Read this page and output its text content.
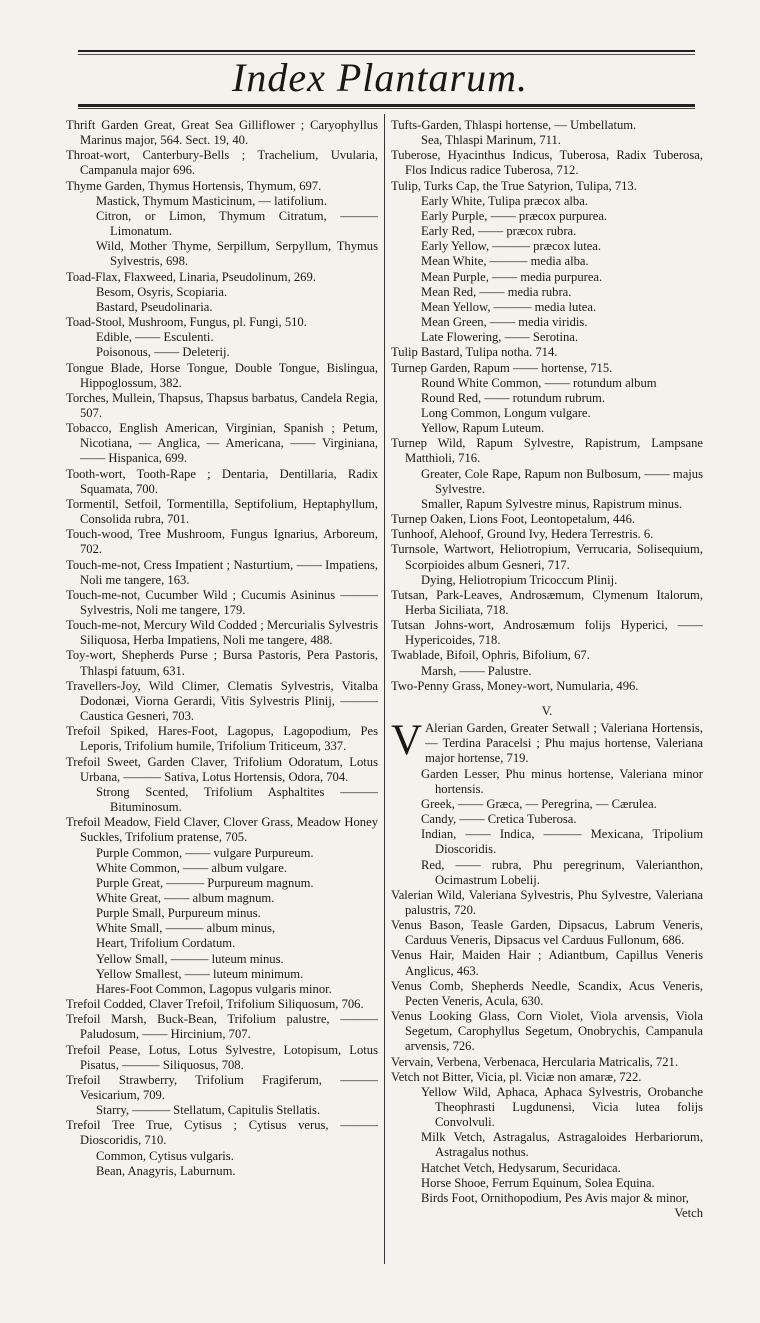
Index Plantarum.

Thrift Garden Great, Great Sea Gilliflower ; Caryophyllus Marinus major, 564. Sect. 19, 40.

Throat-wort, Canterbury-Bells ; Trachelium, Uvularia, Campanula major 696.

Thyme Garden, Thymus Hortensis, Thymum, 697.

Mastick, Thymum Masticinum, — latifolium.

Citron, or Limon, Thymum Citratum, ——— Limonatum.

Wild, Mother Thyme, Serpillum, Serpyllum, Thymus Sylvestris, 698.

Toad-Flax, Flaxweed, Linaria, Pseudolinum, 269.

Besom, Osyris, Scopiaria.

Bastard, Pseudolinaria.

Toad-Stool, Mushroom, Fungus, pl. Fungi, 510.

Edible, —— Esculenti.

Poisonous, —— Deleterij.

Tongue Blade, Horse Tongue, Double Tongue, Bislingua, Hippoglossum, 382.

Torches, Mullein, Thapsus, Thapsus barbatus, Candela Regia, 507.

Tobacco, English American, Virginian, Spanish ; Petum, Nicotiana, — Anglica, — Americana, —— Virginiana, —— Hispanica, 699.

Tooth-wort, Tooth-Rape ; Dentaria, Dentillaria, Radix Squamata, 700.

Tormentil, Setfoil, Tormentilla, Septifolium, Heptaphyllum, Consolida rubra, 701.

Touch-wood, Tree Mushroom, Fungus Ignarius, Arboreum, 702.

Touch-me-not, Cress Impatient ; Nasturtium, —— Impatiens, Noli me tangere, 163.

Touch-me-not, Cucumber Wild ; Cucumis Asininus ——— Sylvestris, Noli me tangere, 179.

Touch-me-not, Mercury Wild Codded ; Mercurialis Sylvestris Siliquosa, Herba Impatiens, Noli me tangere, 488.

Toy-wort, Shepherds Purse ; Bursa Pastoris, Pera Pastoris, Thlaspi fatuum, 631.

Travellers-Joy, Wild Climer, Clematis Sylvestris, Vitalba Dodonæi, Viorna Gerardi, Vitis Sylvestris Plinij, ——— Caustica Gesneri, 703.

Trefoil Spiked, Hares-Foot, Lagopus, Lagopodium, Pes Leporis, Trifolium humile, Trifolium Triticeum, 337.

Trefoil Sweet, Garden Claver, Trifolium Odoratum, Lotus Urbana, ——— Sativa, Lotus Hortensis, Odora, 704.

Strong Scented, Trifolium Asphaltites ——— Bituminosum.

Trefoil Meadow, Field Claver, Clover Grass, Meadow Honey Suckles, Trifolium pratense, 705.

Purple Common, —— vulgare Purpureum.

White Common, —— album vulgare.

Purple Great, ——— Purpureum magnum.

White Great, —— album magnum.

Purple Small, Purpureum minus.

White Small, ——— album minus,

Heart, Trifolium Cordatum.

Yellow Small, ——— luteum minus.

Yellow Smallest, —— luteum minimum.

Hares-Foot Common, Lagopus vulgaris minor.

Trefoil Codded, Claver Trefoil, Trifolium Siliquosum, 706.

Trefoil Marsh, Buck-Bean, Trifolium palustre, ——— Paludosum, —— Hircinium, 707.

Trefoil Pease, Lotus, Lotus Sylvestre, Lotopisum, Lotus Pisatus, ——— Siliquosus, 708.

Trefoil Strawberry, Trifolium Fragiferum, ——— Vesicarium, 709.

Starry, ——— Stellatum, Capitulis Stellatis.

Trefoil Tree True, Cytisus ; Cytisus verus, ——— Dioscoridis, 710.

Common, Cytisus vulgaris.

Bean, Anagyris, Laburnum.

Tufts-Garden, Thlaspi hortense, — Umbellatum.

Sea, Thlaspi Marinum, 711.

Tuberose, Hyacinthus Indicus, Tuberosa, Radix Tuberosa, Flos Indicus radice Tuberosa, 712.

Tulip, Turks Cap, the True Satyrion, Tulipa, 713.

Early White, Tulipa præcox alba.

Early Purple, —— præcox purpurea.

Early Red, —— præcox rubra.

Early Yellow, ——— præcox lutea.

Mean White, ——— media alba.

Mean Purple, —— media purpurea.

Mean Red, —— media rubra.

Mean Yellow, ——— media lutea.

Mean Green, —— media viridis.

Late Flowering, —— Serotina.

Tulip Bastard, Tulipa notha. 714.

Turnep Garden, Rapum —— hortense, 715.

Round White Common, —— rotundum album

Round Red, —— rotundum rubrum.

Long Common, Longum vulgare.

Yellow, Rapum Luteum.

Turnep Wild, Rapum Sylvestre, Rapistrum, Lampsane Matthioli, 716.

Greater, Cole Rape, Rapum non Bulbosum, —— majus Sylvestre.

Smaller, Rapum Sylvestre minus, Rapistrum minus.

Turnep Oaken, Lions Foot, Leontopetalum, 446.

Tunhoof, Alehoof, Ground Ivy, Hedera Terrestris. 6.

Turnsole, Wartwort, Heliotropium, Verrucaria, Solisequium, Scorpioides album Gesneri, 717.

Dying, Heliotropium Tricoccum Plinij.

Tutsan, Park-Leaves, Androsæmum, Clymenum Italorum, Herba Siciliata, 718.

Tutsan Johns-wort, Androsæmum folijs Hyperici, —— Hypericoides, 718.

Twablade, Bifoil, Ophris, Bifolium, 67.

Marsh, —— Palustre.

Two-Penny Grass, Money-wort, Numularia, 496.

V.

V Alerian Garden, Greater Setwall ; Valeriana Hortensis, — Terdina Paracelsi ; Phu majus hortense, Valeriana major hortense, 719.

Garden Lesser, Phu minus hortense, Valeriana minor hortensis.

Greek, —— Græca, — Peregrina, — Cærulea.

Candy, —— Cretica Tuberosa.

Indian, —— Indica, ——— Mexicana, Tripolium Dioscoridis.

Red, —— rubra, Phu peregrinum, Valerianthon, Ocimastrum Lobelij.

Valerian Wild, Valeriana Sylvestris, Phu Sylvestre, Valeriana palustris, 720.

Venus Bason, Teasle Garden, Dipsacus, Labrum Veneris, Carduus Veneris, Dipsacus vel Carduus Fullonum, 686.

Venus Hair, Maiden Hair ; Adiantbum, Capillus Veneris Anglicus, 463.

Venus Comb, Shepherds Needle, Scandix, Acus Veneris, Pecten Veneris, Acula, 630.

Venus Looking Glass, Corn Violet, Viola arvensis, Viola Segetum, Carophyllus Segetum, Onobrychis, Campanula arvensis, 726.

Vervain, Verbena, Verbenaca, Hercularia Matricalis, 721.

Vetch not Bitter, Vicia, pl. Viciæ non amaræ, 722.

Yellow Wild, Aphaca, Aphaca Sylvestris, Orobanche Theophrasti Lugdunensi, Vicia lutea folijs Convolvuli.

Milk Vetch, Astragalus, Astragaloides Herbariorum, Astragalus nothus.

Hatchet Vetch, Hedysarum, Securidaca.

Horse Shooe, Ferrum Equinum, Solea Equina.

Birds Foot, Ornithopodium, Pes Avis major & minor,

Vetch
